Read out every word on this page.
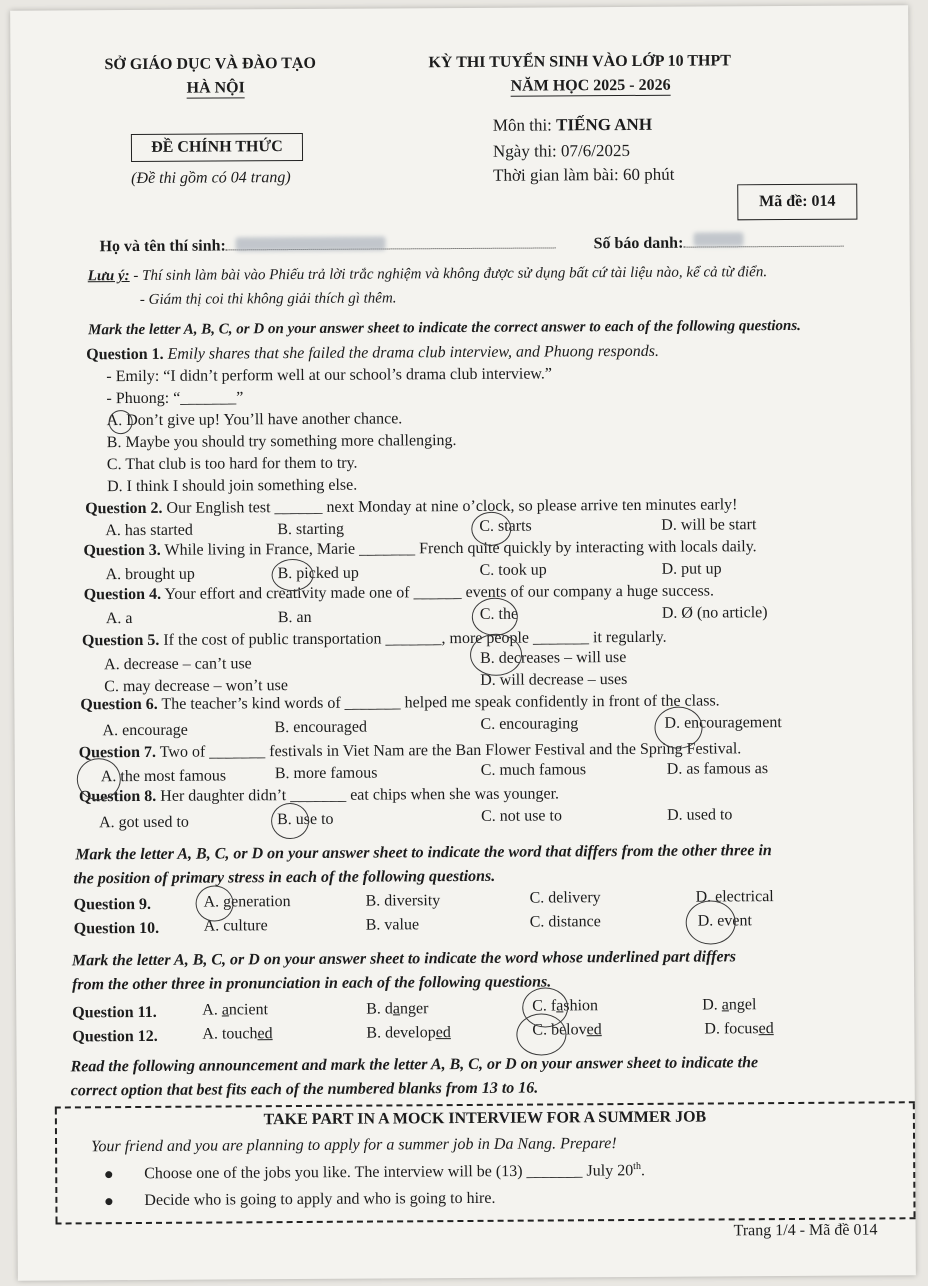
SỞ GIÁO DỤC VÀ ĐÀO TẠO
HÀ NỘI
KỲ THI TUYỂN SINH VÀO LỚP 10 THPT
NĂM HỌC 2025 - 2026
ĐỀ CHÍNH THỨC
(Đề thi gồm có 04 trang)
Môn thi: TIẾNG ANH
Ngày thi: 07/6/2025
Thời gian làm bài: 60 phút
Mã đề: 014
Họ và tên thí sinh:	Số báo danh:
Lưu ý: - Thí sinh làm bài vào Phiếu trả lời trắc nghiệm và không được sử dụng bất cứ tài liệu nào, kể cả từ điển.
- Giám thị coi thi không giải thích gì thêm.
Mark the letter A, B, C, or D on your answer sheet to indicate the correct answer to each of the following questions.
Question 1. Emily shares that she failed the drama club interview, and Phuong responds.
- Emily: “I didn’t perform well at our school’s drama club interview.”
- Phuong: “_______”
A. Don’t give up! You’ll have another chance.
B. Maybe you should try something more challenging.
C. That club is too hard for them to try.
D. I think I should join something else.
Question 2. Our English test ______ next Monday at nine o’clock, so please arrive ten minutes early!
A. has started	B. starting	C. starts	D. will be start
Question 3. While living in France, Marie _______ French quite quickly by interacting with locals daily.
A. brought up	B. picked up	C. took up	D. put up
Question 4. Your effort and creativity made one of ______ events of our company a huge success.
A. a	B. an	C. the	D. Ø (no article)
Question 5. If the cost of public transportation _______, more people _______ it regularly.
A. decrease – can’t use	B. decreases – will use
C. may decrease – won’t use	D. will decrease – uses
Question 6. The teacher’s kind words of _______ helped me speak confidently in front of the class.
A. encourage	B. encouraged	C. encouraging	D. encouragement
Question 7. Two of _______ festivals in Viet Nam are the Ban Flower Festival and the Spring Festival.
A. the most famous	B. more famous	C. much famous	D. as famous as
Question 8. Her daughter didn’t _______ eat chips when she was younger.
A. got used to	B. use to	C. not use to	D. used to
Mark the letter A, B, C, or D on your answer sheet to indicate the word that differs from the other three in
the position of primary stress in each of the following questions.
Question 9.	A. generation	B. diversity	C. delivery	D. electrical
Question 10.	A. culture	B. value	C. distance	D. event
Mark the letter A, B, C, or D on your answer sheet to indicate the word whose underlined part differs
from the other three in pronunciation in each of the following questions.
Question 11.	A. ancient	B. danger	C. fashion	D. angel
Question 12.	A. touched	B. developed	C. beloved	D. focused
Read the following announcement and mark the letter A, B, C, or D on your answer sheet to indicate the
correct option that best fits each of the numbered blanks from 13 to 16.
TAKE PART IN A MOCK INTERVIEW FOR A SUMMER JOB
Your friend and you are planning to apply for a summer job in Da Nang. Prepare!
Choose one of the jobs you like. The interview will be (13) _______ July 20th.
Decide who is going to apply and who is going to hire.
Trang 1/4 - Mã đề 014
